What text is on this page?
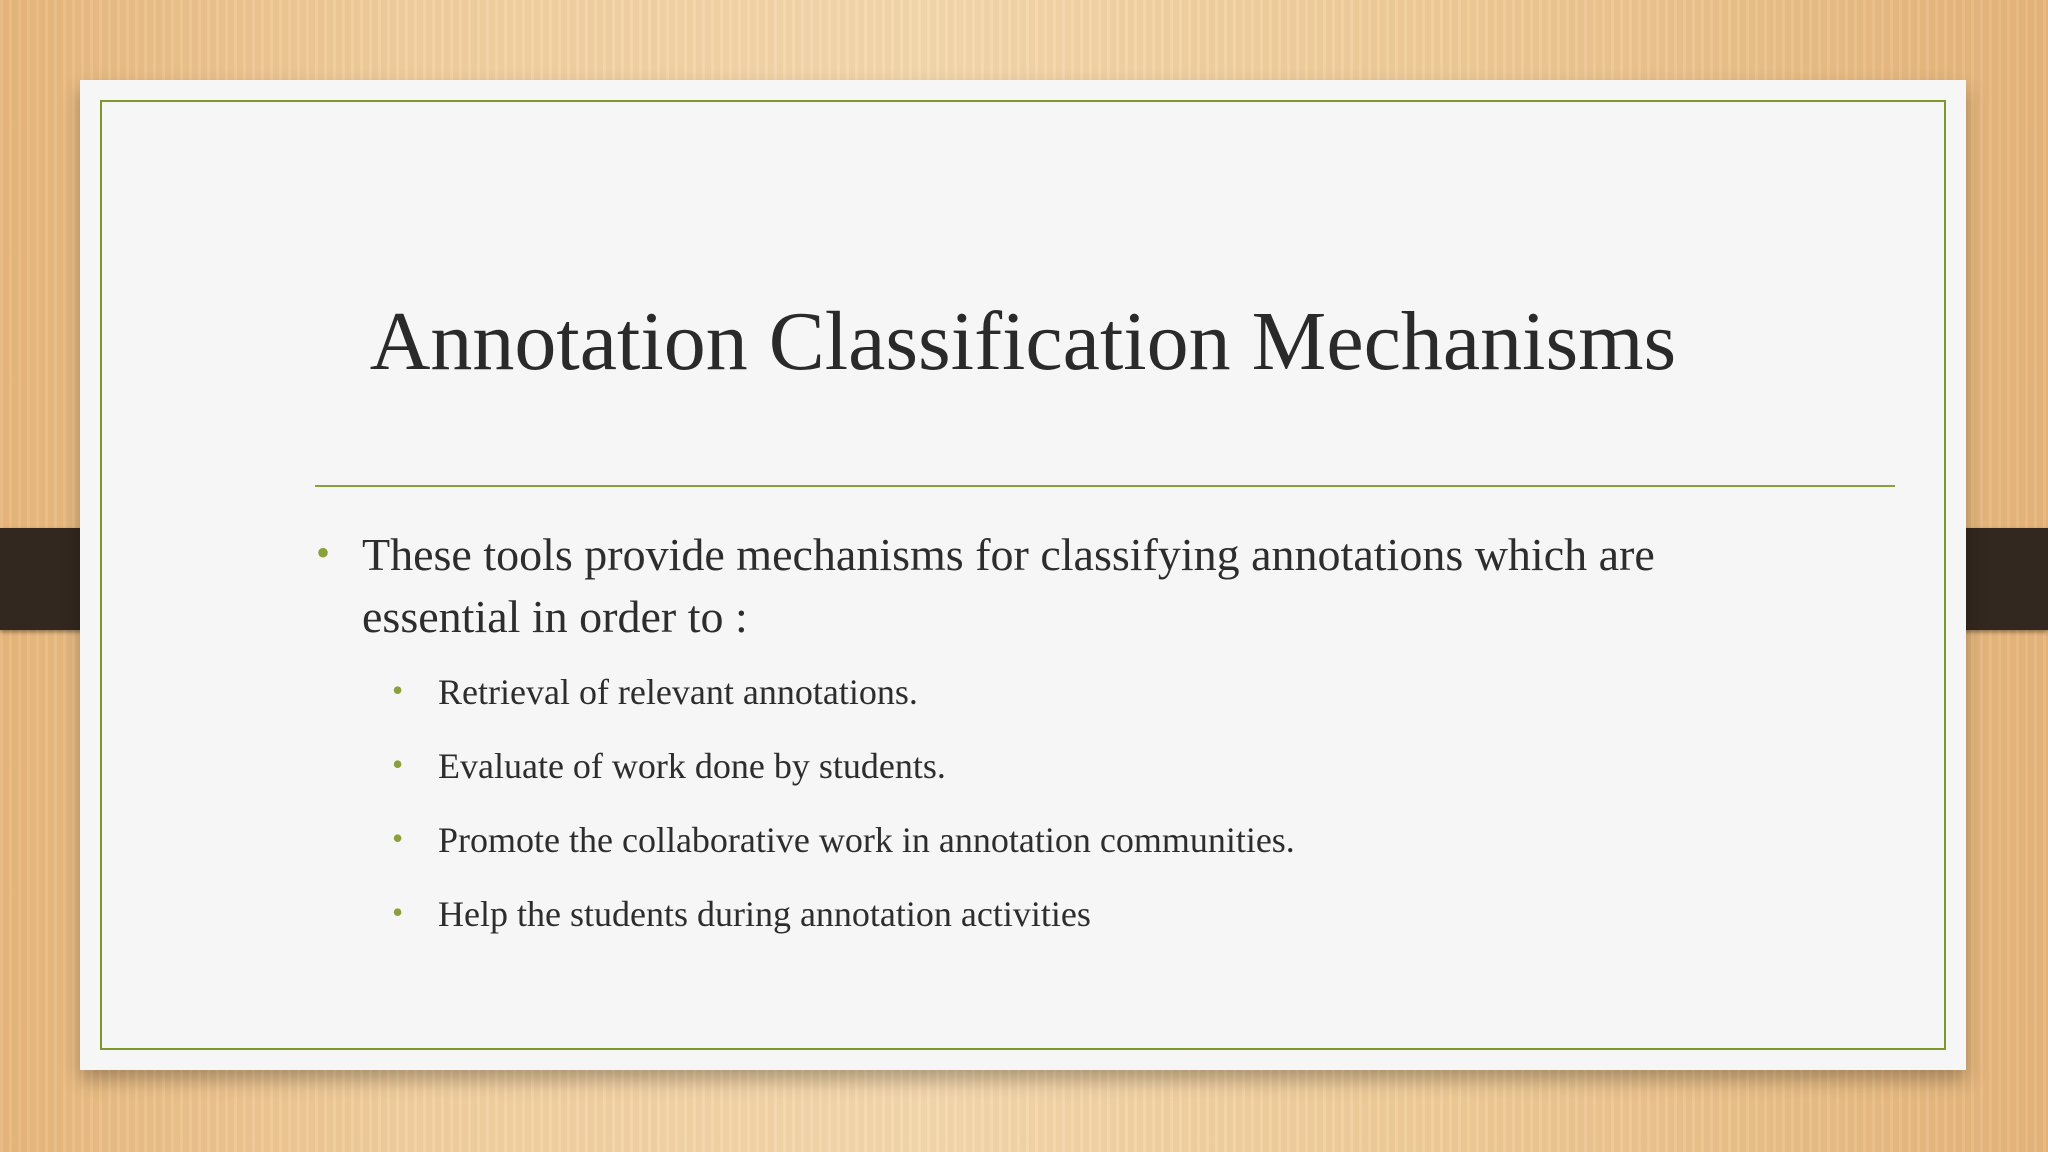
Annotation Classification Mechanisms
• These tools provide mechanisms for classifying annotations which are essential in order to :
• Retrieval of relevant annotations.
• Evaluate of work done by students.
• Promote the collaborative work in annotation communities.
• Help the students during annotation activities
